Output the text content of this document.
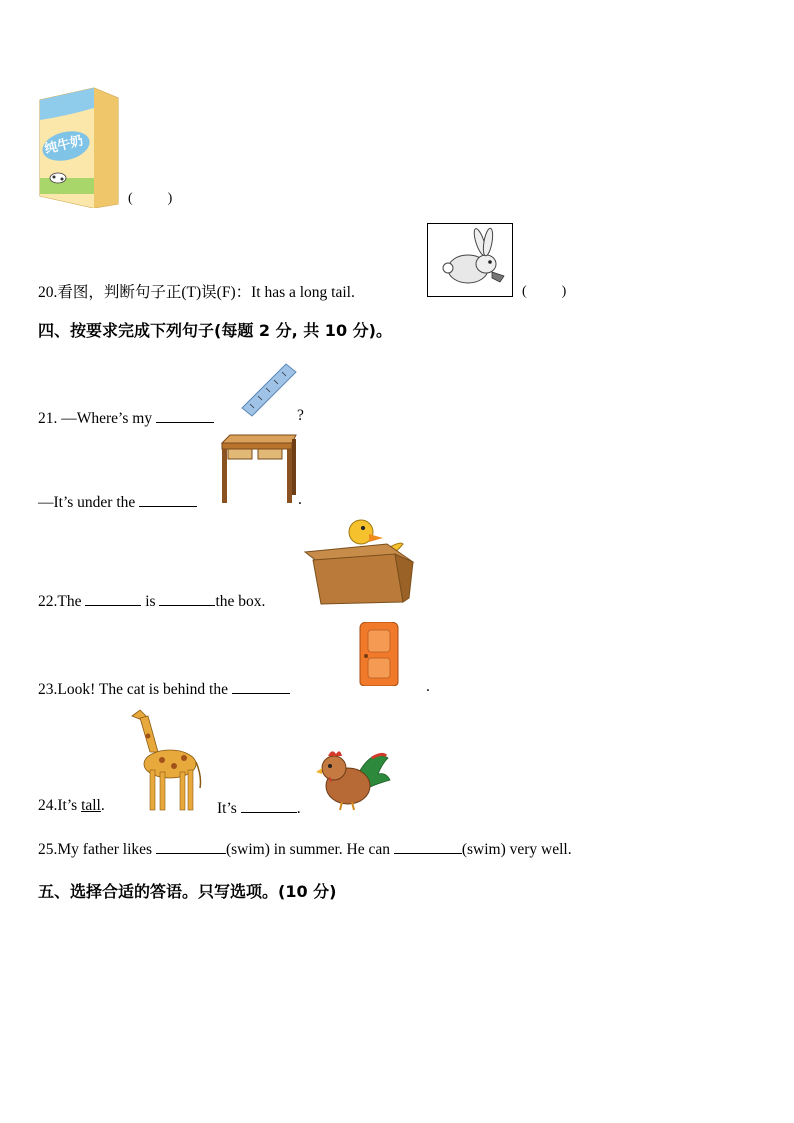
纯牛奶
(          )
20.看图，判断句子正(T)误(F)：It has a long tail.	(          )
四、按要求完成下列句子(每题 2 分, 共 10 分)。
21. —Where’s my	?
—It’s under the	.
22.The	is	the box.
23.Look! The cat is behind the	.
24.It’s tall.	It’s	.
25.My father likes	(swim) in summer. He can	(swim) very well.
五、选择合适的答语。只写选项。(10 分)
